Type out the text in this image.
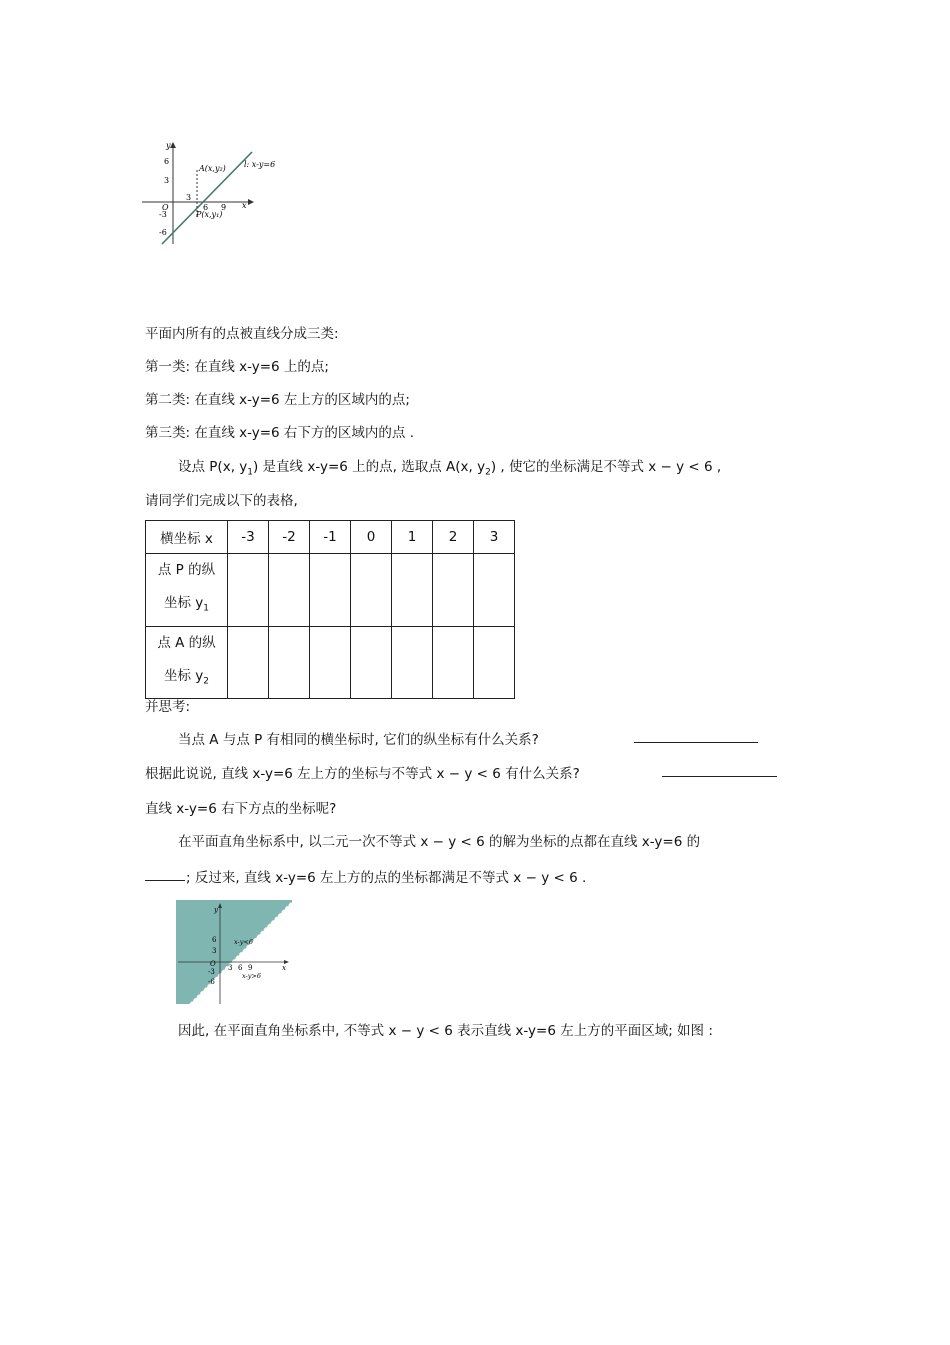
y
x
O
6
3
-3
-6
3
6 9
A(x,y₂)
P(x,y₁)
l: x-y=6
平面内所有的点被直线分成三类:
第一类: 在直线 x-y=6 上的点;
第二类: 在直线 x-y=6 左上方的区域内的点;
第三类: 在直线 x-y=6 右下方的区域内的点 .
设点 P(x, $y_1$) 是直线 x-y=6 上的点, 选取点 A(x, $y_2$) , 使它的坐标满足不等式 x − y < 6 ,
请同学们完成以下的表格,
横坐标 x	-3	-2	-1	0	1	2	3
点 P 的纵
坐标 $y_1$							
点 A 的纵
坐标 $y_2$							
并思考:
当点 A 与点 P 有相同的横坐标时, 它们的纵坐标有什么关系?
根据此说说, 直线 x-y=6 左上方的坐标与不等式 x − y < 6 有什么关系?
直线 x-y=6 右下方点的坐标呢?
在平面直角坐标系中, 以二元一次不等式 x − y < 6 的解为坐标的点都在直线 x-y=6 的
; 反过来, 直线 x-y=6 左上方的点的坐标都满足不等式 x − y < 6 .
y
x
O
6
3
-3
-6
3 6 9
x-y<6 x-y=6
x-y>6
因此, 在平面直角坐标系中, 不等式 x − y < 6 表示直线 x-y=6 左上方的平面区域; 如图 :
